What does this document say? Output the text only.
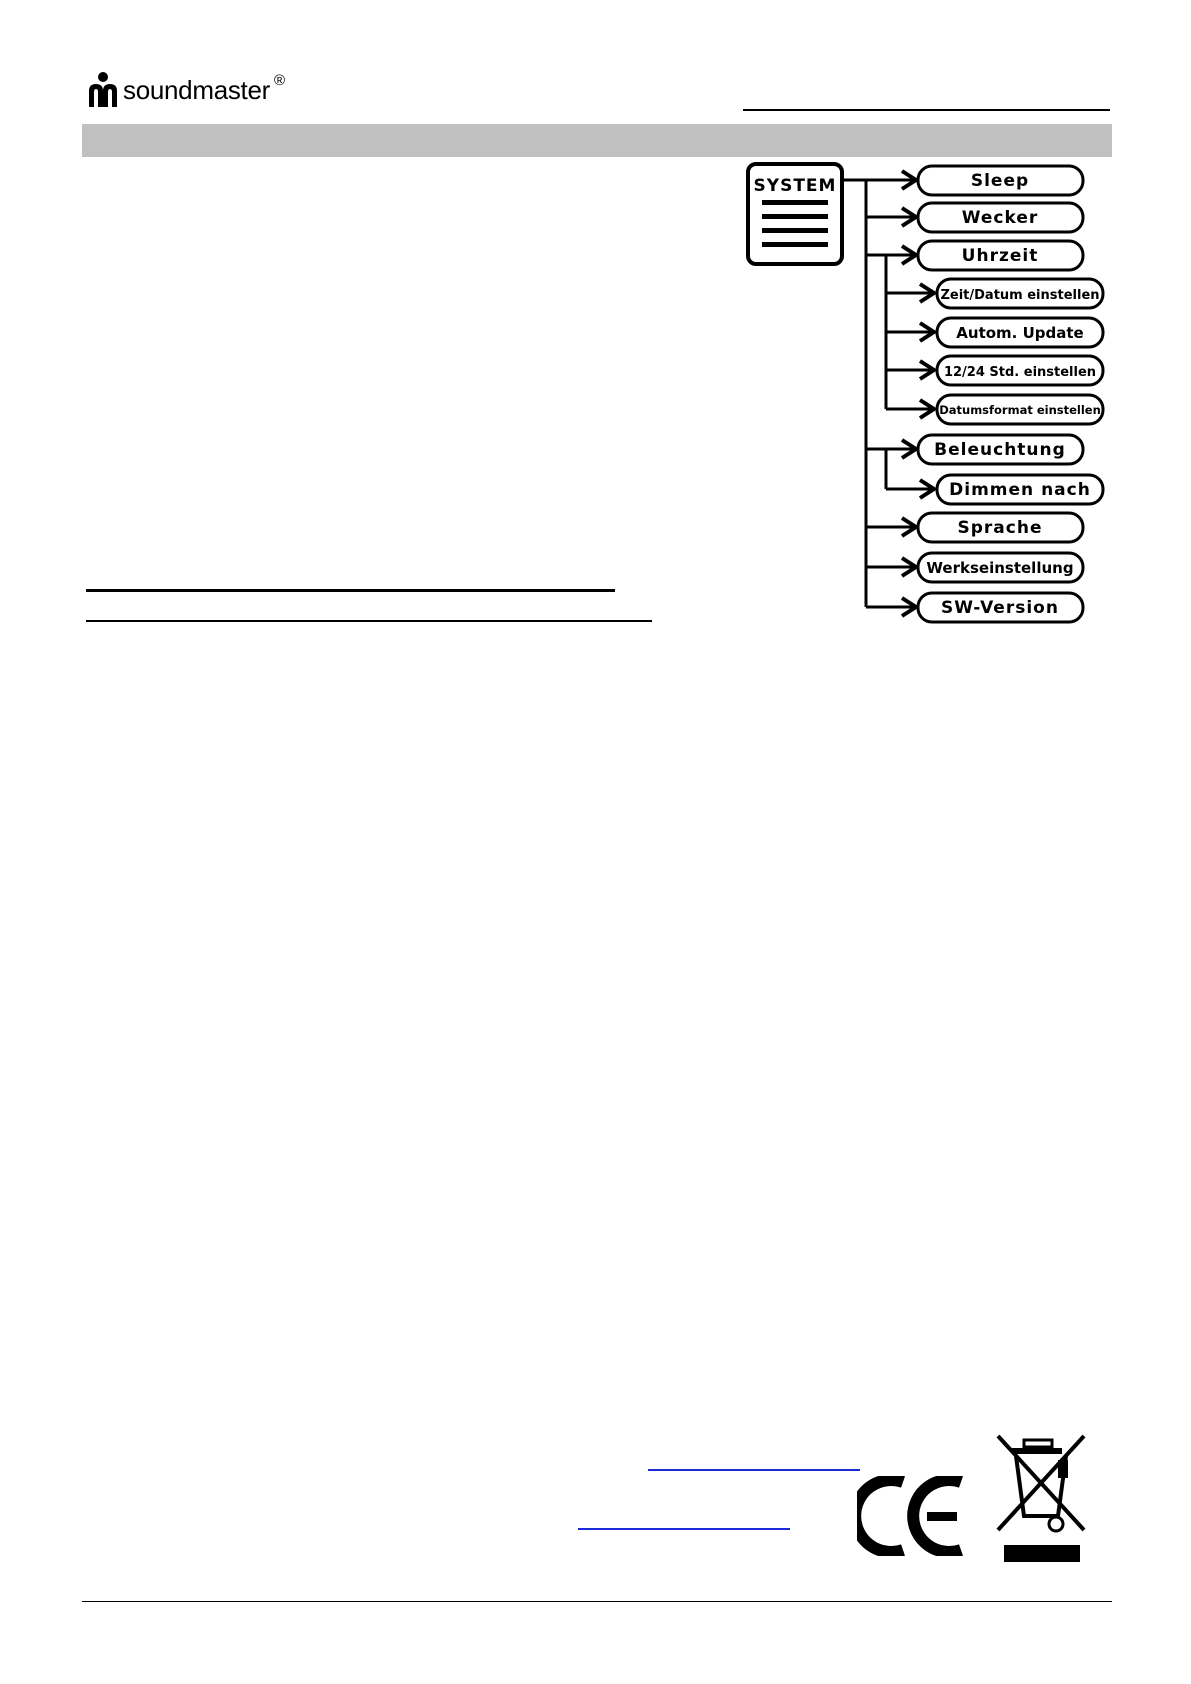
soundmaster ®
SYSTEM	Sleep
Wecker
Uhrzeit
Zeit/Datum einstellen
Autom. Update
12/24 Std. einstellen
Datumsformat einstellen
Beleuchtung
Dimmen nach
Sprache
Werkseinstellung
SW-Version
